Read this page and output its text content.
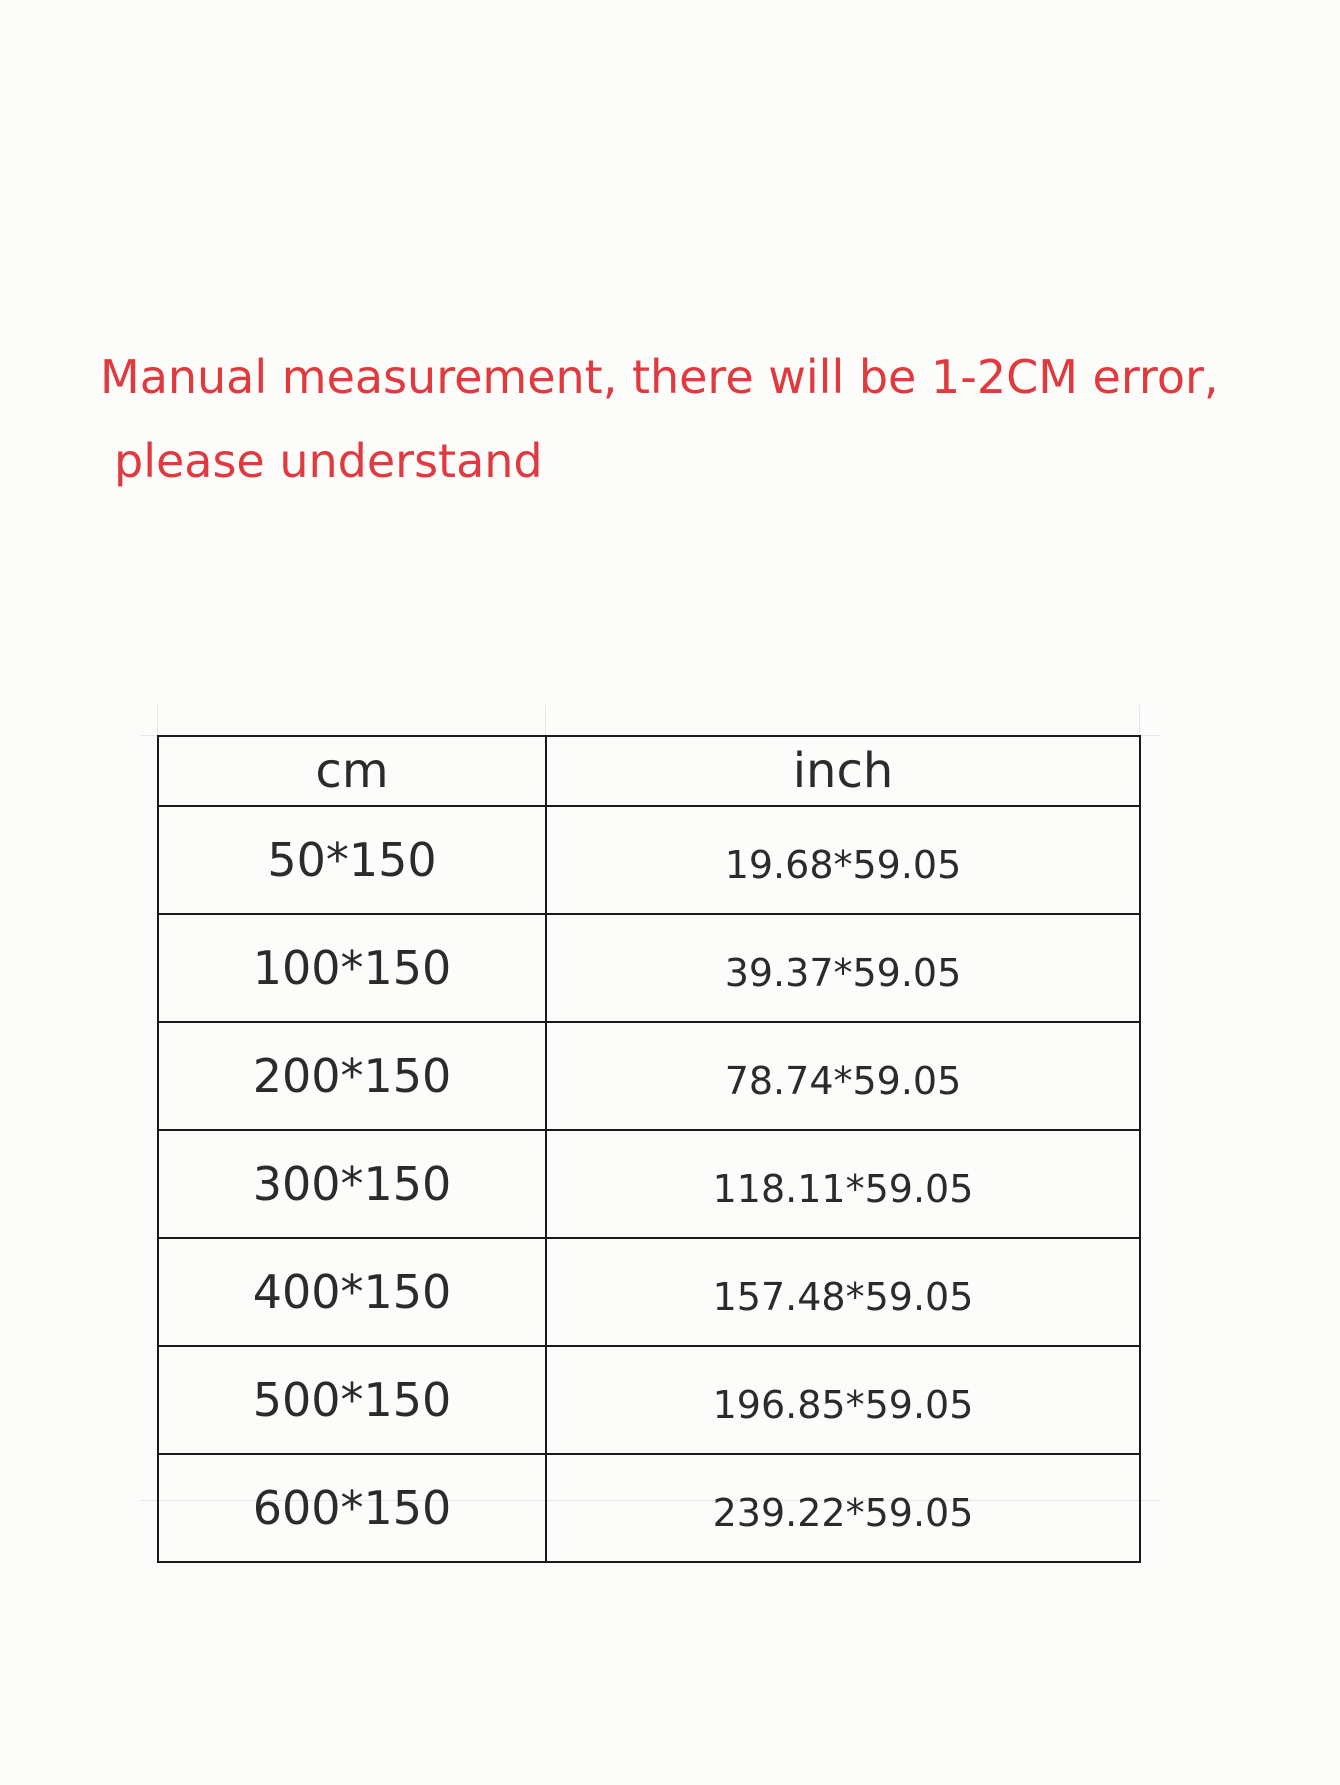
Manual measurement, there will be 1-2CM error,
please understand
cm	inch
50*150	19.68*59.05
100*150	39.37*59.05
200*150	78.74*59.05
300*150	118.11*59.05
400*150	157.48*59.05
500*150	196.85*59.05
600*150	239.22*59.05
